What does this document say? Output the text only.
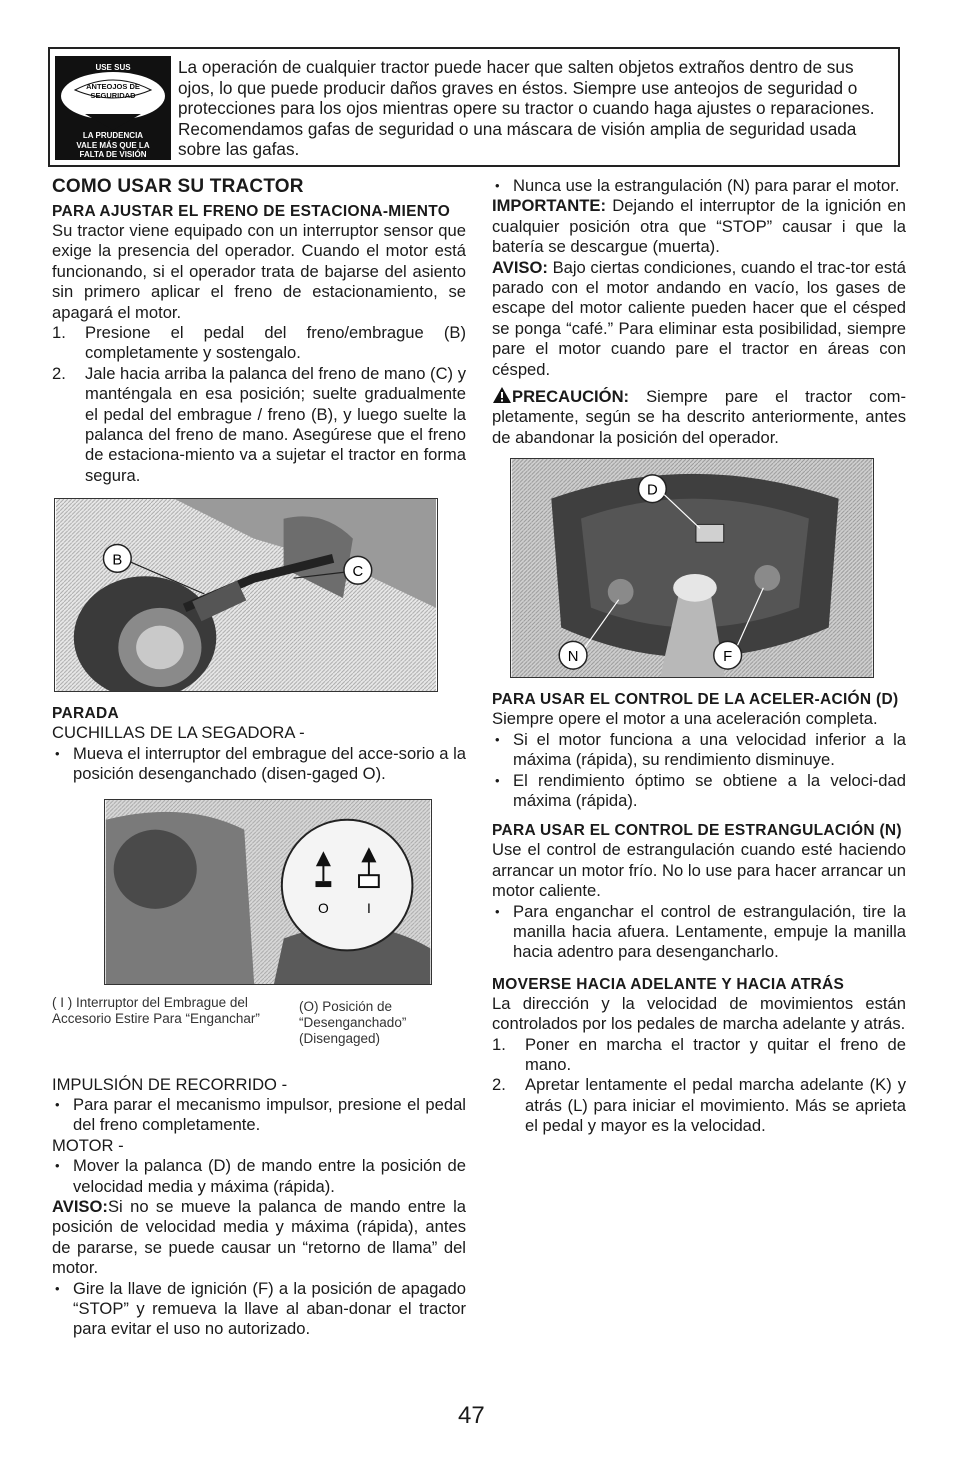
USE SUS
ANTEOJOS DE
SEGURIDAD
LA PRUDENCIA
VALE MÁS QUE LA
FALTA DE VISIÓN
La operación de cualquier tractor puede hacer que salten objetos extraños dentro de sus ojos, lo que puede producir daños graves en éstos. Siempre use anteojos de seguridad o protecciones para los ojos mientras opere su tractor o cuando haga ajustes o reparaciones. Recomendamos gafas de seguridad o una máscara de visión amplia de seguridad usada sobre las gafas.
COMO USAR SU TRACTOR
PARA AJUSTAR EL FRENO DE ESTACIONA-MIENTO

Su tractor viene equipado con un interruptor sensor que exige la presencia del operador. Cuando el motor está funcionando, si el operador trata de bajarse del asiento sin primero aplicar el freno de estacionamiento, se apagará el motor.

1. Presione el pedal del freno/embrague (B) completamente y sostengalo.
2. Jale hacia arriba la palanca del freno de mano (C) y manténgala en esa posición; suelte gradualmente el pedal del embrague / freno (B), y luego suelte la palanca del freno de mano. Asegúrese que el freno de estaciona-miento va a sujetar el tractor en forma segura.
B
C
PARADA
CUCHILLAS DE LA SEGADORA -
• Mueva el interruptor del embrague del acce-sorio a la posición desenganchado (disen-gaged O).
O	I
( I ) Interruptor del Embrague del Accesorio Estire Para “Enganchar”
(O) Posición de “Desenganchado” (Disengaged)
IMPULSIÓN DE RECORRIDO -
• Para parar el mecanismo impulsor, presione el pedal del freno completamente.
MOTOR -
• Mover la palanca (D) de mando entre la posición de velocidad media y máxima (rápida).

AVISO:Si no se mueve la palanca de mando entre la posición de velocidad media y máxima (rápida), antes de pararse, se puede causar un “retorno de llama” del motor.

• Gire la llave de ignición (F) a la posición de apagado “STOP” y remueva la llave al aban-donar el tractor para evitar el uso no autorizado.
• Nunca use la estrangulación (N) para parar el motor.

IMPORTANTE: Dejando el interruptor de la ignición en cualquier posición otra que “STOP” causar i que la batería se descargue (muerta).

AVISO: Bajo ciertas condiciones, cuando el trac-tor está parado con el motor andando en vacío, los gases de escape del motor caliente pueden hacer que el césped se ponga “café.” Para eliminar esta posibilidad, siempre pare el motor cuando pare el tractor en áreas con césped.

PRECAUCIÓN: Siempre pare el tractor com-pletamente, según se ha descrito anteriormente, antes de abandonar la posición del operador.

D
N	F
PARA USAR EL CONTROL DE LA ACELER-ACIÓN (D)

Siempre opere el motor a una aceleración completa.

• Si el motor funciona a una velocidad inferior a la máxima (rápida), su rendimiento disminuye.
• El rendimiento óptimo se obtiene a la veloci-dad máxima (rápida).
PARA USAR EL CONTROL DE ESTRANGULACIÓN (N)

Use el control de estrangulación cuando esté haciendo arrancar un motor frío. No lo use para hacer arrancar un motor caliente.

• Para enganchar el control de estrangulación, tire la manilla hacia afuera. Lentamente, empuje la manilla hacia adentro para desengancharlo.
MOVERSE HACIA ADELANTE Y HACIA ATRÁS

La dirección y la velocidad de movimientos están controlados por los pedales de marcha adelante y atrás.

1. Poner en marcha el tractor y quitar el freno de mano.
2. Apretar lentamente el pedal marcha adelante (K) y atrás (L) para iniciar el movimiento. Más se aprieta el pedal y mayor es la velocidad.
47
